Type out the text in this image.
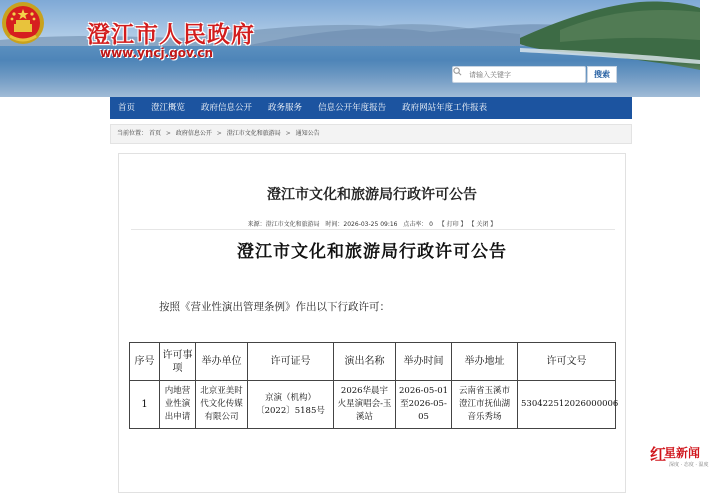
澄江市人民政府
www.yncj.gov.cn
请输入关键字
搜索
首页	澄江概览	政府信息公开	政务服务	信息公开年度报告	政府网站年度工作报表
当前位置： 首页 > 政府信息公开 > 澄江市文化和旅游局 > 通知公告
澄江市文化和旅游局行政许可公告
来源：澄江市文化和旅游局 时间：2026-03-25 09:16 点击率： 0 【 打印 】 【 关闭 】
澄江市文化和旅游局行政许可公告
按照《营业性演出管理条例》作出以下行政许可：
序号	许可事项	举办单位	许可证号	演出名称	举办时间	举办地址	许可文号
1	内地营业性演出申请	北京亚美时代文化传媒有限公司	京演（机构）〔2022〕5185号	2026华晨宇火星演唱会-玉溪站	2026-05-01至2026-05-05	云南省玉溪市澄江市抚仙湖音乐秀场	530422512026000006
红
星新闻
深度 · 态度 · 温度
